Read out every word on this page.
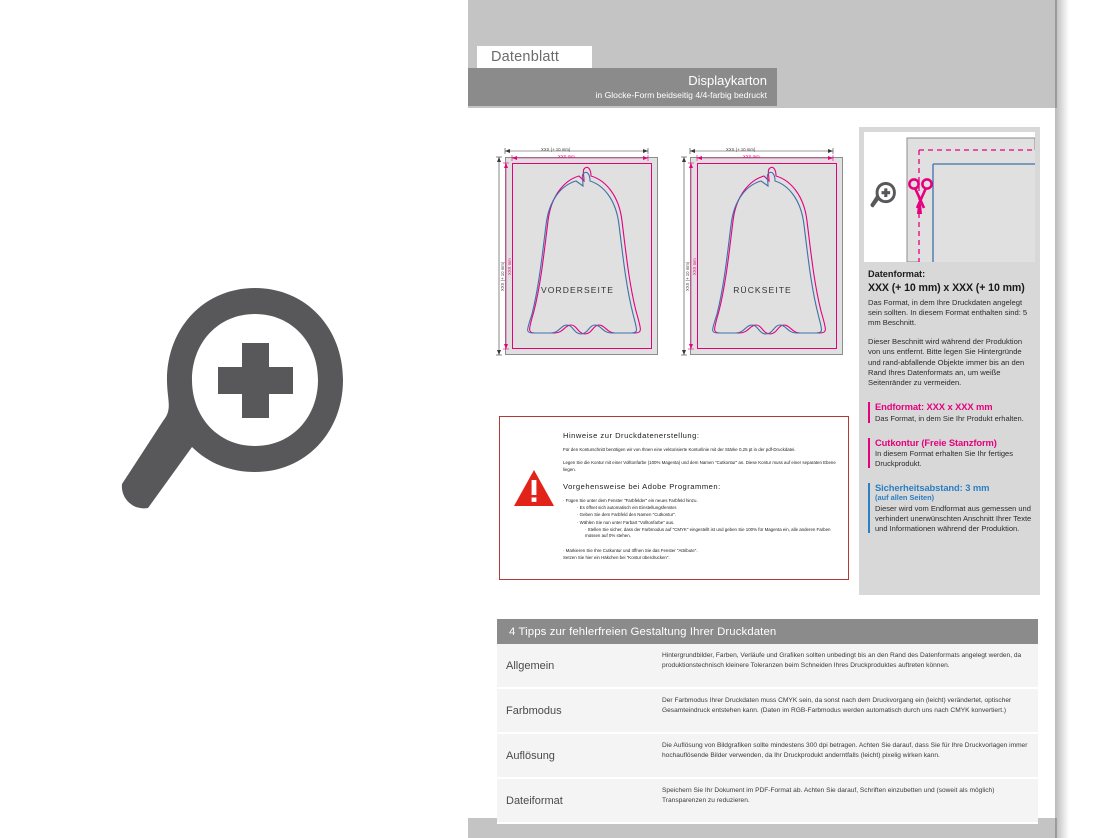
Datenblatt
Displaykarton
in Glocke-Form beidseitig 4/4-farbig bedruckt
VORDERSEITE
XXX (+ 10 mm)
XXX mm
XXX (+ 10 mm) XXX mm
RÜCKSEITE
XXX (+ 10 mm)
XXX mm
XXX (+ 10 mm) XXX mm	Datenformat:
XXX (+ 10 mm) x XXX (+ 10 mm)
Das Format, in dem Ihre Druckdaten angelegt sein sollten. In diesem Format enthalten sind: 5 mm Beschnitt.
Dieser Beschnitt wird während der Produktion von uns entfernt. Bitte legen Sie Hintergründe und rand-abfallende Objekte immer bis an den Rand Ihres Datenformats an, um weiße Seitenränder zu vermeiden.
Endformat: XXX x XXX mm
Das Format, in dem Sie Ihr Produkt erhalten.
Cutkontur (Freie Stanzform)
In diesem Format erhalten Sie Ihr fertiges Druckprodukt.
Sicherheitsabstand: 3 mm
(auf allen Seiten)
Dieser wird vom Endformat aus gemessen und verhindert unerwünschten Anschnitt Ihrer Texte und Informationen während der Produktion.
Hinweise zur Druckdatenerstellung:
Für den Konturschnitt benötigen wir von Ihnen eine vektorisierte Konturlinie mit der Stärke 0,25 pt in der pdf-Druckdatei.
Legen Sie die Kontur mit einer Volltonfarbe (100% Magenta) und dem Namen "Cutkontur" an. Diese Kontur muss auf einer separaten Ebene liegen.
Vorgehensweise bei Adobe Programmen:
· Fügen Sie unter dem Fenster "Farbfelder" ein neues Farbfeld hinzu.
· Es öffnet sich automatisch ein Einstellungsfenster.
· Geben Sie dem Farbfeld den Namen "Cutkontur".
· Wählen Sie nun unter Farbart "Volltonfarbe" aus.
· Stellen Sie sicher, dass der Farbmodus auf "CMYK" eingestellt ist und geben Sie 100% für Magenta ein, alle anderen Farben müssen auf 0% stehen.
· Markieren Sie Ihre Cutkontur und öffnen Sie das Fenster "Attribute".
Setzen Sie hier ein Häkchen bei "Kontur überdrucken".
4 Tipps zur fehlerfreien Gestaltung Ihrer Druckdaten
Allgemein
Hintergrundbilder, Farben, Verläufe und Grafiken sollten unbedingt bis an den Rand des Datenformats angelegt werden, da produktionstechnisch kleinere Toleranzen beim Schneiden Ihres Druckproduktes auftreten können.
Farbmodus
Der Farbmodus Ihrer Druckdaten muss CMYK sein, da sonst nach dem Druckvorgang ein (leicht) verändertet, optischer Gesamteindruck entstehen kann. (Daten im RGB-Farbmodus werden automatisch durch uns nach CMYK konvertiert.)
Auflösung
Die Auflösung von Bildgrafiken sollte mindestens 300 dpi betragen. Achten Sie darauf, dass Sie für Ihre Druckvorlagen immer hochauflösende Bilder verwenden, da Ihr Druckprodukt anderntfalls (leicht) pixelig wirken kann.
Dateiformat
Speichern Sie Ihr Dokument im PDF-Format ab. Achten Sie darauf, Schriften einzubetten und (soweit als möglich) Transparenzen zu reduzieren.
